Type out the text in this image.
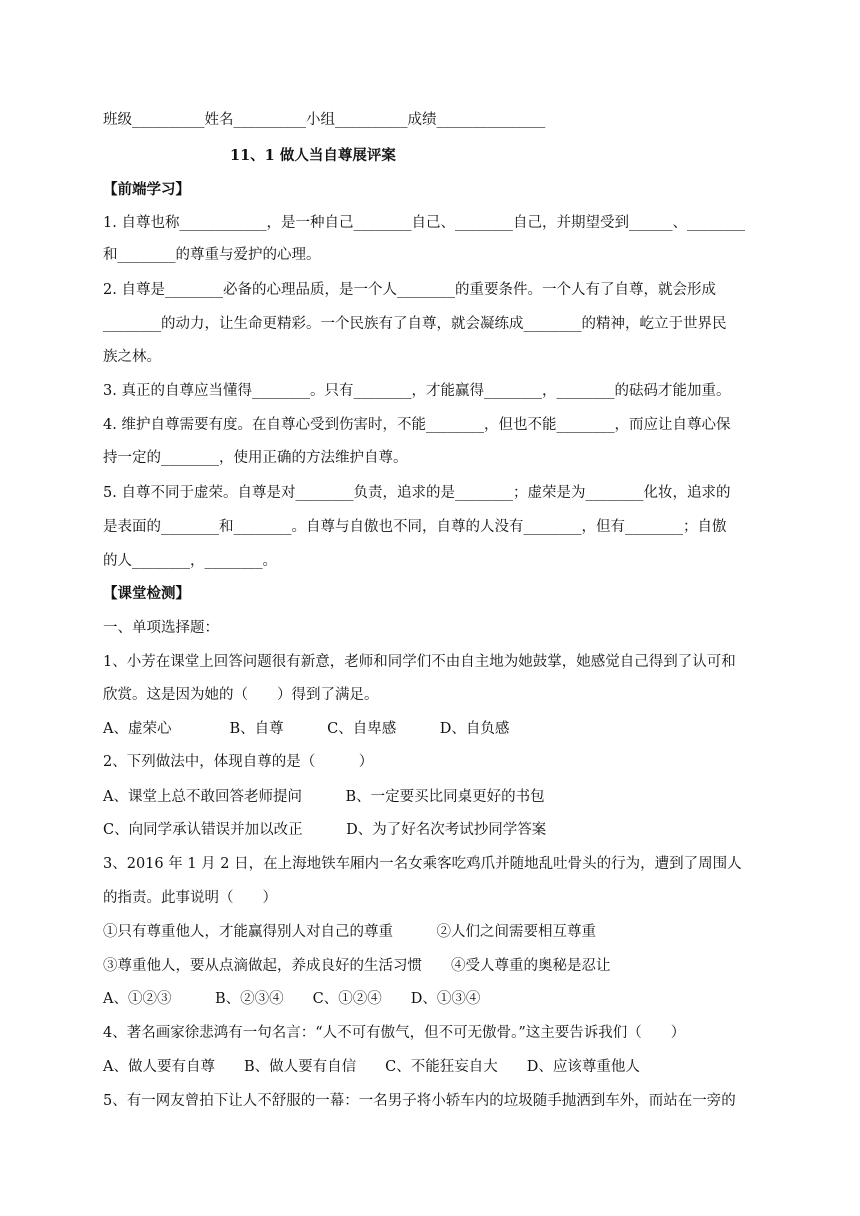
班级__________姓名__________小组__________成绩_______________
11、1 做人当自尊展评案
【前端学习】
1. 自尊也称____________，是一种自己________自己、________自己，并期望受到______、________
和________的尊重与爱护的心理。
2. 自尊是________必备的心理品质，是一个人________的重要条件。一个人有了自尊，就会形成
________的动力，让生命更精彩。一个民族有了自尊，就会凝练成________的精神，屹立于世界民
族之林。
3. 真正的自尊应当懂得________。只有________，才能赢得________，________的砝码才能加重。
4. 维护自尊需要有度。在自尊心受到伤害时，不能________，但也不能________，而应让自尊心保
持一定的________，使用正确的方法维护自尊。
5. 自尊不同于虚荣。自尊是对________负责，追求的是________；虚荣是为________化妆，追求的
是表面的________和________。自尊与自傲也不同，自尊的人没有________，但有________；自傲
的人________，________。
【课堂检测】
一、单项选择题：
1、小芳在课堂上回答问题很有新意，老师和同学们不由自主地为她鼓掌，她感觉自己得到了认可和
欣赏。这是因为她的（　　）得到了满足。
A、虚荣心　　　　B、自尊　　　C、自卑感　　　D、自负感
2、下列做法中，体现自尊的是（　　　）
A、课堂上总不敢回答老师提问　　　B、一定要买比同桌更好的书包
C、向同学承认错误并加以改正　　　D、为了好名次考试抄同学答案
3、2016 年 1 月 2 日，在上海地铁车厢内一名女乘客吃鸡爪并随地乱吐骨头的行为，遭到了周围人
的指责。此事说明（　　）
①只有尊重他人，才能赢得别人对自己的尊重　　　②人们之间需要相互尊重
③尊重他人，要从点滴做起，养成良好的生活习惯　　④受人尊重的奥秘是忍让
A、①②③　　　B、②③④　　C、①②④　　D、①③④
4、著名画家徐悲鸿有一句名言：“人不可有傲气，但不可无傲骨。”这主要告诉我们（　　）
A、做人要有自尊　　B、做人要有自信　　C、不能狂妄自大　　D、应该尊重他人
5、有一网友曾拍下让人不舒服的一幕：一名男子将小轿车内的垃圾随手抛洒到车外，而站在一旁的
